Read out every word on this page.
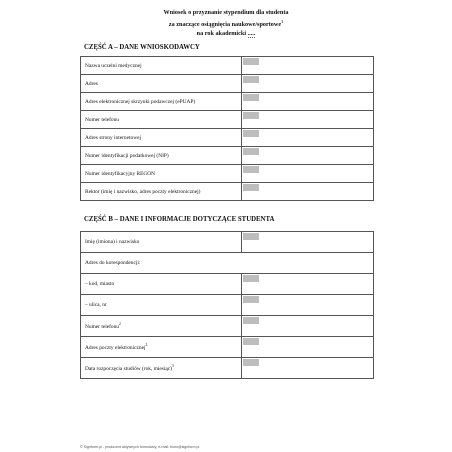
Wniosek o przyznanie stypendium dla studenta
za znaczące osiągnięcia naukowe/sportowe$^1$
na rok akademicki .....
CZĘŚĆ A – DANE WNIOSKODAWCY
Nazwa uczelni medycznej	

Adres	

Adres elektronicznej skrzynki podawczej (ePUAP)	

Numer telefonu	

Adres strony internetowej	

Numer identyfikacji podatkowej (NIP)	

Numer identyfikacyjny REGON	

Rektor (imię i nazwisko, adres poczty elektronicznej)	
CZĘŚĆ B – DANE I INFORMACJE DOTYCZĄCE STUDENTA
Imię (imiona) i nazwisko	

Adres do korespondencji:	
– kod, miasto	

– ulica, nr	

Numer telefonu$^2$	

Adres poczty elektronicznej$^2$	

Data rozpoczęcia studiów (rok, miesiąc)$^3$	
© Signform.pl - producent aktywnych formularzy, e-mail: biuro@signform.pl
